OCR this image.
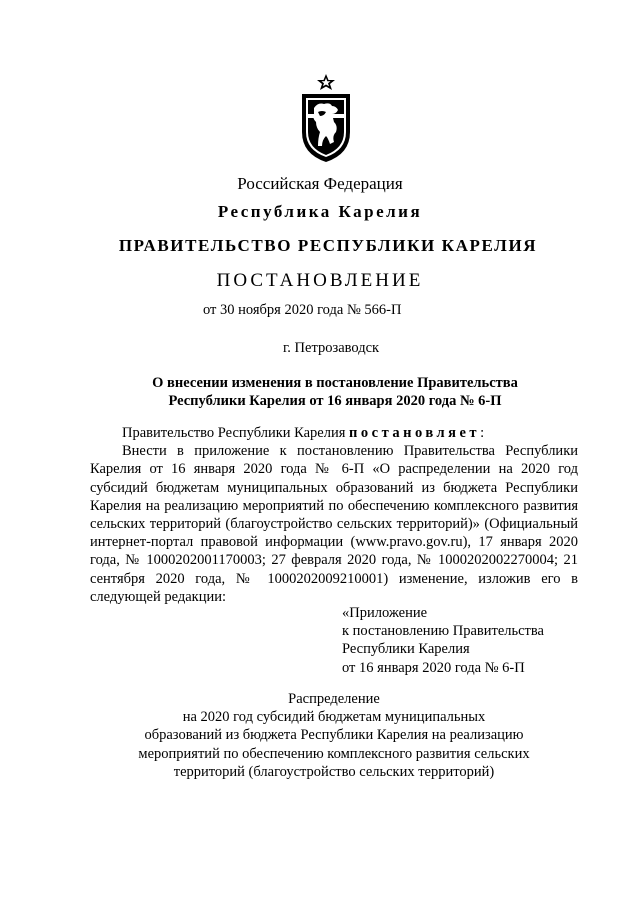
Российская Федерация
Республика Карелия
ПРАВИТЕЛЬСТВО РЕСПУБЛИКИ КАРЕЛИЯ
ПОСТАНОВЛЕНИЕ
от 30 ноября 2020 года № 566-П
г. Петрозаводск
О внесении изменения в постановление Правительства
Республики Карелия от 16 января 2020 года № 6-П

Правительство Республики Карелия постановляет:

Внести в приложение к постановлению Правительства Республики Карелия от 16 января 2020 года № 6-П «О распределении на 2020 год субсидий бюджетам муниципальных образований из бюджета Республики Карелия на реализацию мероприятий по обеспечению комплексного развития сельских территорий (благоустройство сельских территорий)» (Официальный интернет-портал правовой информации (www.pravo.gov.ru), 17 января 2020 года, № 1000202001170003; 27 февраля 2020 года, № 1000202002270004; 21 сентября 2020 года, № 1000202009210001) изменение, изложив его в следующей редакции:

«Приложение
к постановлению Правительства
Республики Карелия
от 16 января 2020 года № 6-П
Распределение
на 2020 год субсидий бюджетам муниципальных
образований из бюджета Республики Карелия на реализацию
мероприятий по обеспечению комплексного развития сельских
территорий (благоустройство сельских территорий)
